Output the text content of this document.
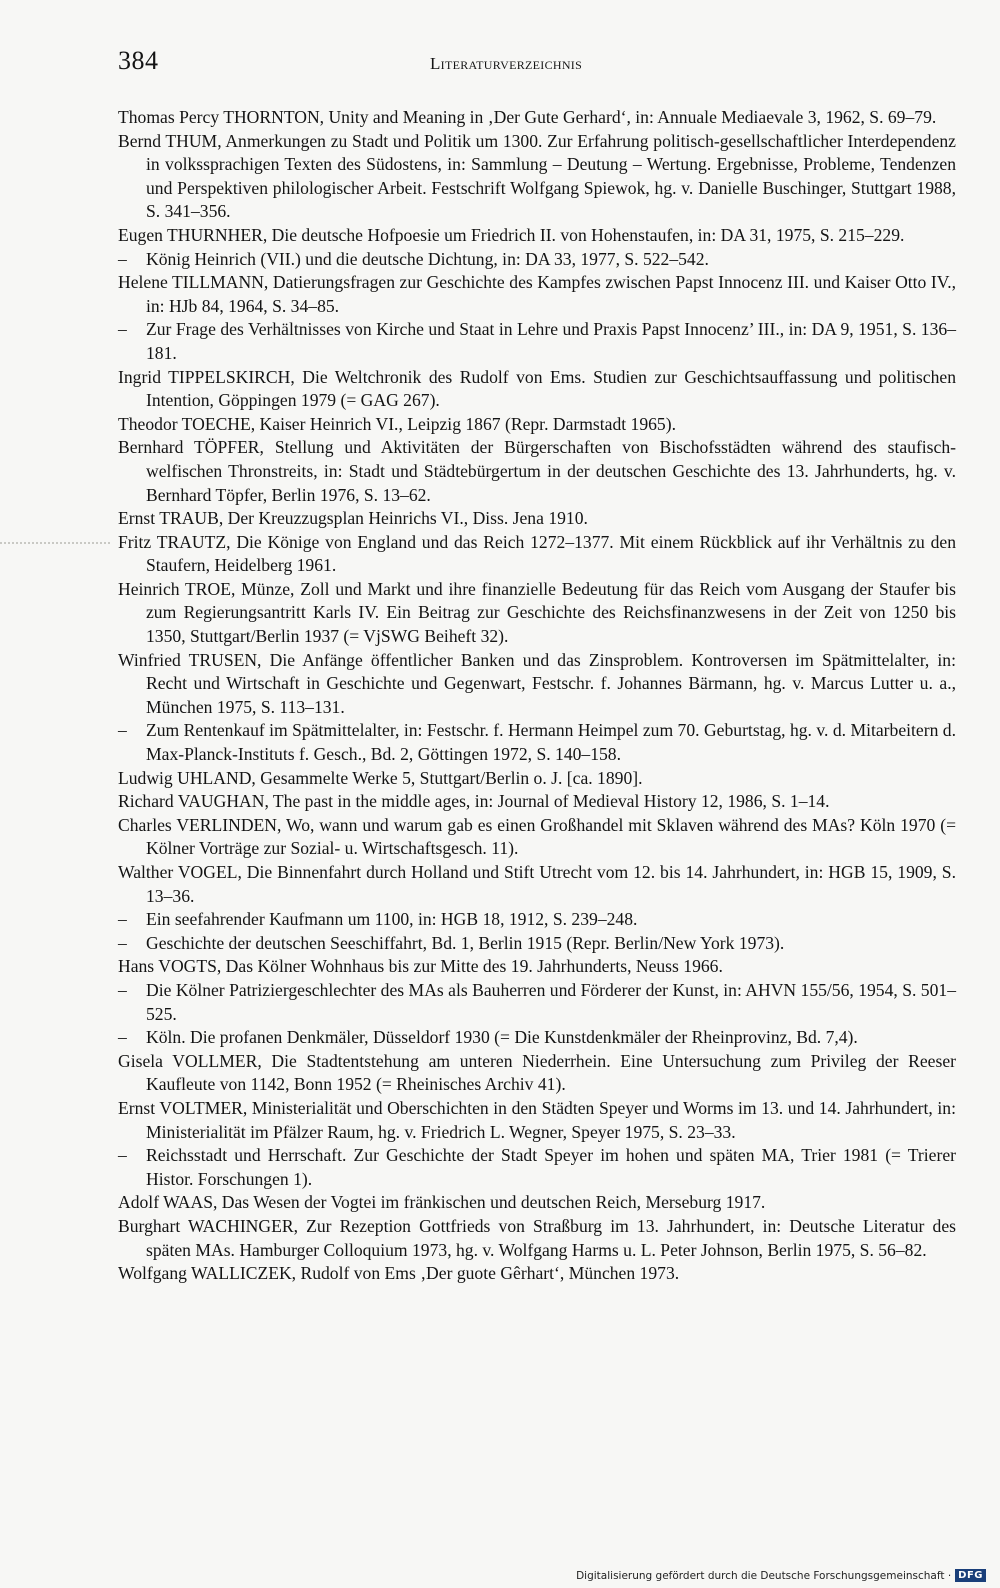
384	Literaturverzeichnis

Thomas Percy THORNTON, Unity and Meaning in ‚Der Gute Gerhard‘, in: Annuale Mediaevale 3, 1962, S. 69–79.

Bernd THUM, Anmerkungen zu Stadt und Politik um 1300. Zur Erfahrung politisch-gesellschaftlicher Interdependenz in volkssprachigen Texten des Südostens, in: Sammlung – Deutung – Wertung. Ergebnisse, Probleme, Tendenzen und Perspektiven philologischer Arbeit. Festschrift Wolfgang Spiewok, hg. v. Danielle Buschinger, Stuttgart 1988, S. 341–356.

Eugen THURNHER, Die deutsche Hofpoesie um Friedrich II. von Hohenstaufen, in: DA 31, 1975, S. 215–229.

– König Heinrich (VII.) und die deutsche Dichtung, in: DA 33, 1977, S. 522–542.

Helene TILLMANN, Datierungsfragen zur Geschichte des Kampfes zwischen Papst Innocenz III. und Kaiser Otto IV., in: HJb 84, 1964, S. 34–85.

– Zur Frage des Verhältnisses von Kirche und Staat in Lehre und Praxis Papst Innocenz’ III., in: DA 9, 1951, S. 136–181.

Ingrid TIPPELSKIRCH, Die Weltchronik des Rudolf von Ems. Studien zur Geschichtsauffassung und politischen Intention, Göppingen 1979 (= GAG 267).

Theodor TOECHE, Kaiser Heinrich VI., Leipzig 1867 (Repr. Darmstadt 1965).

Bernhard TÖPFER, Stellung und Aktivitäten der Bürgerschaften von Bischofsstädten während des staufisch-welfischen Thronstreits, in: Stadt und Städtebürgertum in der deutschen Geschichte des 13. Jahrhunderts, hg. v. Bernhard Töpfer, Berlin 1976, S. 13–62.

Ernst TRAUB, Der Kreuzzugsplan Heinrichs VI., Diss. Jena 1910.

Fritz TRAUTZ, Die Könige von England und das Reich 1272–1377. Mit einem Rückblick auf ihr Verhältnis zu den Staufern, Heidelberg 1961.

Heinrich TROE, Münze, Zoll und Markt und ihre finanzielle Bedeutung für das Reich vom Ausgang der Staufer bis zum Regierungsantritt Karls IV. Ein Beitrag zur Geschichte des Reichsfinanzwesens in der Zeit von 1250 bis 1350, Stuttgart/Berlin 1937 (= VjSWG Beiheft 32).

Winfried TRUSEN, Die Anfänge öffentlicher Banken und das Zinsproblem. Kontroversen im Spätmittelalter, in: Recht und Wirtschaft in Geschichte und Gegenwart, Festschr. f. Johannes Bärmann, hg. v. Marcus Lutter u. a., München 1975, S. 113–131.

– Zum Rentenkauf im Spätmittelalter, in: Festschr. f. Hermann Heimpel zum 70. Geburtstag, hg. v. d. Mitarbeitern d. Max-Planck-Instituts f. Gesch., Bd. 2, Göttingen 1972, S. 140–158.

Ludwig UHLAND, Gesammelte Werke 5, Stuttgart/Berlin o. J. [ca. 1890].

Richard VAUGHAN, The past in the middle ages, in: Journal of Medieval History 12, 1986, S. 1–14.

Charles VERLINDEN, Wo, wann und warum gab es einen Großhandel mit Sklaven während des MAs? Köln 1970 (= Kölner Vorträge zur Sozial- u. Wirtschaftsgesch. 11).

Walther VOGEL, Die Binnenfahrt durch Holland und Stift Utrecht vom 12. bis 14. Jahrhundert, in: HGB 15, 1909, S. 13–36.

– Ein seefahrender Kaufmann um 1100, in: HGB 18, 1912, S. 239–248.

– Geschichte der deutschen Seeschiffahrt, Bd. 1, Berlin 1915 (Repr. Berlin/New York 1973).

Hans VOGTS, Das Kölner Wohnhaus bis zur Mitte des 19. Jahrhunderts, Neuss 1966.

– Die Kölner Patriziergeschlechter des MAs als Bauherren und Förderer der Kunst, in: AHVN 155/56, 1954, S. 501–525.

– Köln. Die profanen Denkmäler, Düsseldorf 1930 (= Die Kunstdenkmäler der Rheinprovinz, Bd. 7,4).

Gisela VOLLMER, Die Stadtentstehung am unteren Niederrhein. Eine Untersuchung zum Privileg der Reeser Kaufleute von 1142, Bonn 1952 (= Rheinisches Archiv 41).

Ernst VOLTMER, Ministerialität und Oberschichten in den Städten Speyer und Worms im 13. und 14. Jahrhundert, in: Ministerialität im Pfälzer Raum, hg. v. Friedrich L. Wegner, Speyer 1975, S. 23–33.

– Reichsstadt und Herrschaft. Zur Geschichte der Stadt Speyer im hohen und späten MA, Trier 1981 (= Trierer Histor. Forschungen 1).

Adolf WAAS, Das Wesen der Vogtei im fränkischen und deutschen Reich, Merseburg 1917.

Burghart WACHINGER, Zur Rezeption Gottfrieds von Straßburg im 13. Jahrhundert, in: Deutsche Literatur des späten MAs. Hamburger Colloquium 1973, hg. v. Wolfgang Harms u. L. Peter Johnson, Berlin 1975, S. 56–82.

Wolfgang WALLICZEK, Rudolf von Ems ‚Der guote Gêrhart‘, München 1973.

Digitalisierung gefördert durch die Deutsche Forschungsgemeinschaft · DFG
